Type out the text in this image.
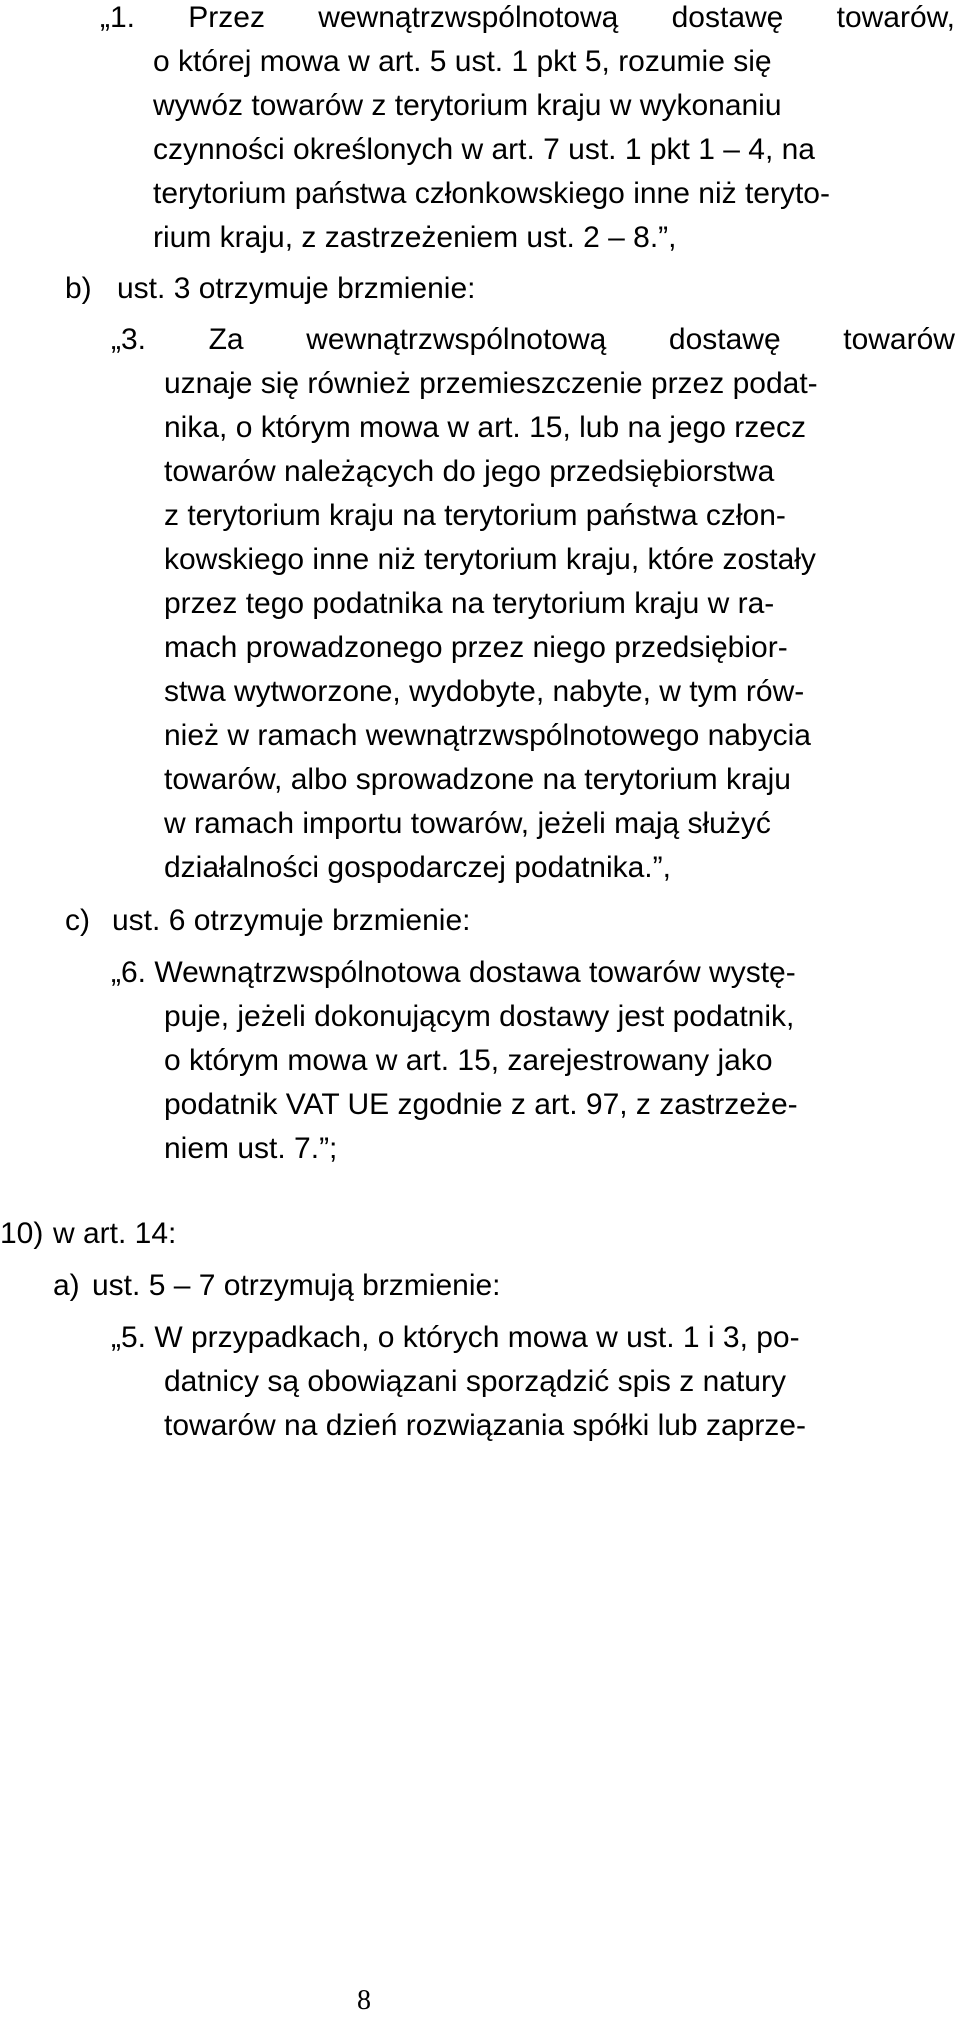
„1. Przez wewnątrzwspólnotową dostawę towarów,
o której mowa w art. 5 ust. 1 pkt 5, rozumie się
wywóz towarów z terytorium kraju w wykonaniu
czynności określonych w art. 7 ust. 1 pkt 1 – 4, na
terytorium państwa członkowskiego inne niż teryto-
rium kraju, z zastrzeżeniem ust. 2 – 8.”,
b) ust. 3 otrzymuje brzmienie:
„3. Za wewnątrzwspólnotową dostawę towarów
uznaje się również przemieszczenie przez podat-
nika, o którym mowa w art. 15, lub na jego rzecz
towarów należących do jego przedsiębiorstwa
z terytorium kraju na terytorium państwa człon-
kowskiego inne niż terytorium kraju, które zostały
przez tego podatnika na terytorium kraju w ra-
mach prowadzonego przez niego przedsiębior-
stwa wytworzone, wydobyte, nabyte, w tym rów-
nież w ramach wewnątrzwspólnotowego nabycia
towarów, albo sprowadzone na terytorium kraju
w ramach importu towarów, jeżeli mają służyć
działalności gospodarczej podatnika.”,
c) ust. 6 otrzymuje brzmienie:
„6. Wewnątrzwspólnotowa dostawa towarów wystę-
puje, jeżeli dokonującym dostawy jest podatnik,
o którym mowa w art. 15, zarejestrowany jako
podatnik VAT UE zgodnie z art. 97, z zastrzeże-
niem ust. 7.”;
10) w art. 14:
a) ust. 5 – 7 otrzymują brzmienie:
„5. W przypadkach, o których mowa w ust. 1 i 3, po-
datnicy są obowiązani sporządzić spis z natury
towarów na dzień rozwiązania spółki lub zaprze-
8
